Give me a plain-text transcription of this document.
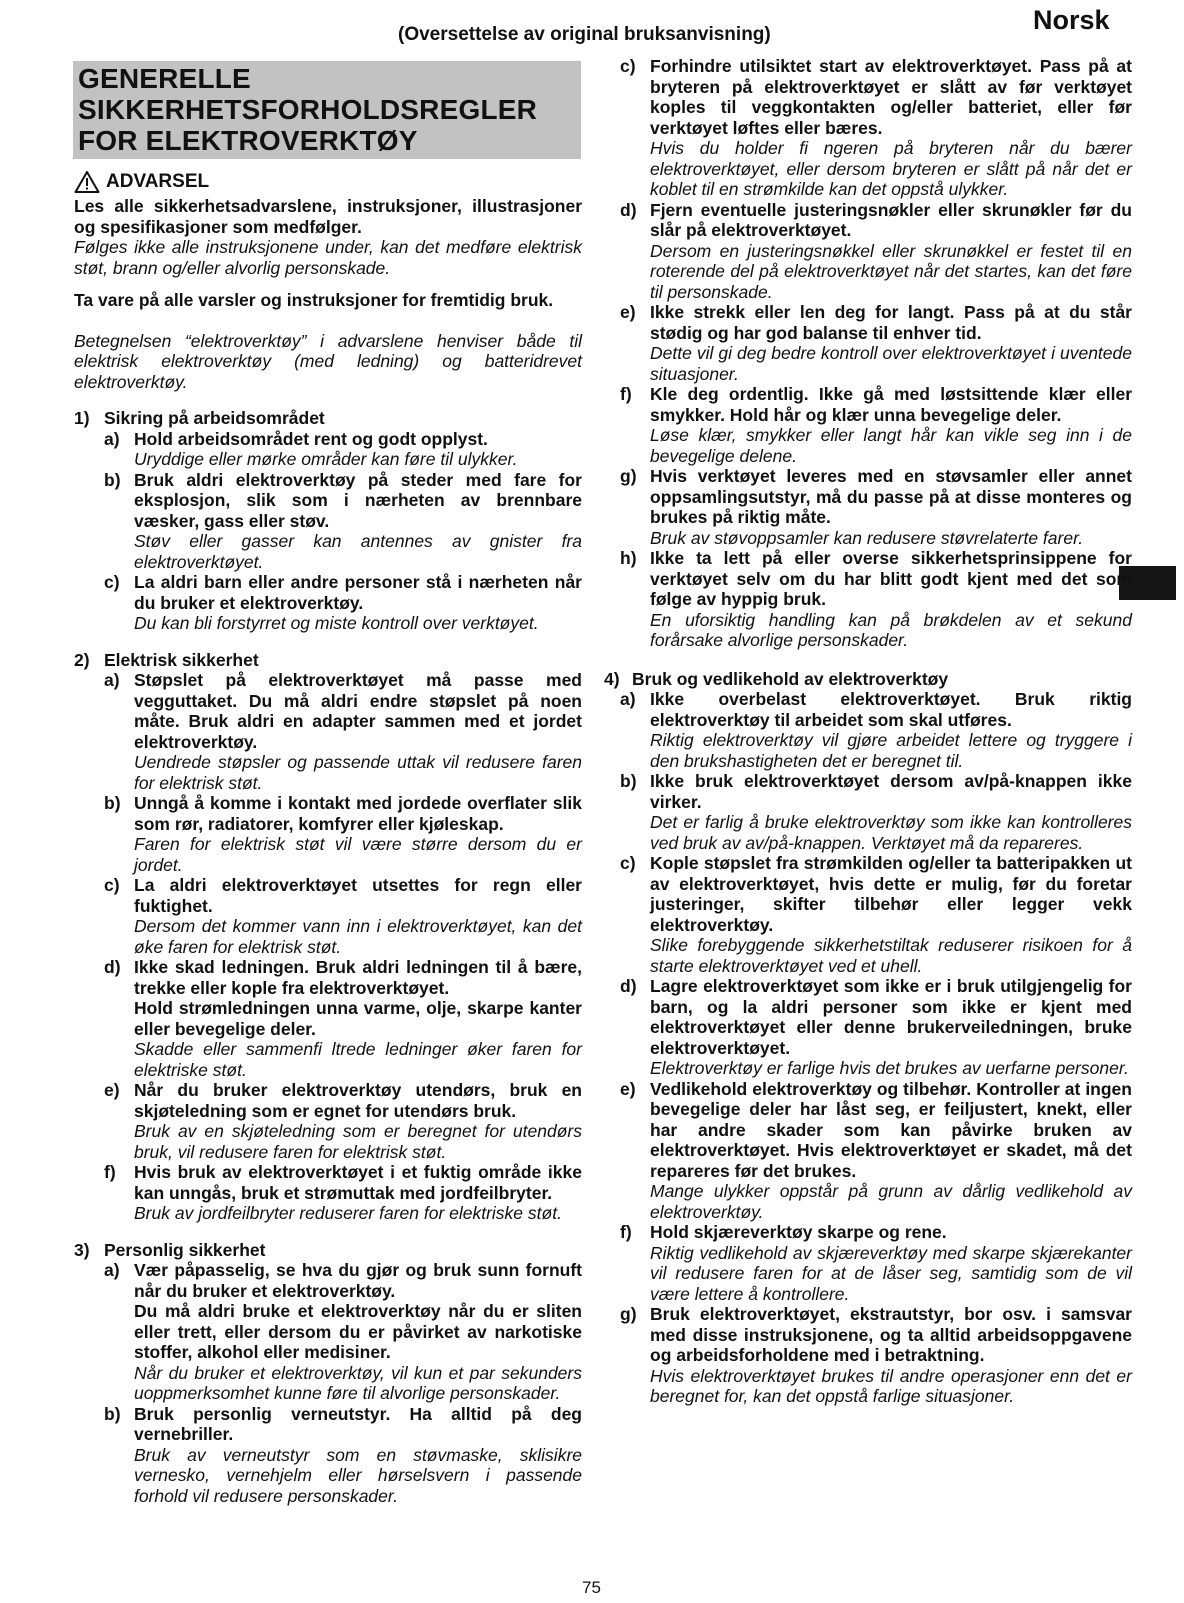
(Oversettelse av original bruksanvisning)	Norsk
GENERELLE
SIKKERHETSFORHOLDSREGLER
FOR ELEKTROVERKTØY
ADVARSEL
Les alle sikkerhetsadvarslene, instruksjoner, illustrasjoner og spesifikasjoner som medfølger.
Følges ikke alle instruksjonene under, kan det medføre elektrisk støt, brann og/eller alvorlig personskade.
Ta vare på alle varsler og instruksjoner for fremtidig bruk.
Betegnelsen “elektroverktøy” i advarslene henviser både til elektrisk elektroverktøy (med ledning) og batteridrevet elektroverktøy.
1) Sikring på arbeidsområdet
a) Hold arbeidsområdet rent og godt opplyst.
Uryddige eller mørke områder kan føre til ulykker.
b) Bruk aldri elektroverktøy på steder med fare for eksplosjon, slik som i nærheten av brennbare væsker, gass eller støv.
Støv eller gasser kan antennes av gnister fra elektroverktøyet.
c) La aldri barn eller andre personer stå i nærheten når du bruker et elektroverktøy.
Du kan bli forstyrret og miste kontroll over verktøyet.
2) Elektrisk sikkerhet
a) Støpslet på elektroverktøyet må passe med vegguttaket. Du må aldri endre støpslet på noen måte. Bruk aldri en adapter sammen med et jordet elektroverktøy.
Uendrede støpsler og passende uttak vil redusere faren for elektrisk støt.
b) Unngå å komme i kontakt med jordede overflater slik som rør, radiatorer, komfyrer eller kjøleskap.
Faren for elektrisk støt vil være større dersom du er jordet.
c) La aldri elektroverktøyet utsettes for regn eller fuktighet.
Dersom det kommer vann inn i elektroverktøyet, kan det øke faren for elektrisk støt.
d) Ikke skad ledningen. Bruk aldri ledningen til å bære, trekke eller kople fra elektroverktøyet.
Hold strømledningen unna varme, olje, skarpe kanter eller bevegelige deler.
Skadde eller sammenfi ltrede ledninger øker faren for elektriske støt.
e) Når du bruker elektroverktøy utendørs, bruk en skjøteledning som er egnet for utendørs bruk.
Bruk av en skjøteledning som er beregnet for utendørs bruk, vil redusere faren for elektrisk støt.
f)	Hvis bruk av elektroverktøyet i et fuktig område ikke kan unngås, bruk et strømuttak med jordfeilbryter.
Bruk av jordfeilbryter reduserer faren for elektriske støt.
3) Personlig sikkerhet
a) Vær påpasselig, se hva du gjør og bruk sunn fornuft når du bruker et elektroverktøy.
Du må aldri bruke et elektroverktøy når du er sliten eller trett, eller dersom du er påvirket av narkotiske stoffer, alkohol eller medisiner.
Når du bruker et elektroverktøy, vil kun et par sekunders uoppmerksomhet kunne føre til alvorlige personskader.
b) Bruk personlig verneutstyr. Ha alltid på deg vernebriller.
Bruk av verneutstyr som en støvmaske, sklisikre vernesko, vernehjelm eller hørselsvern i passende forhold vil redusere personskader.
c) Forhindre utilsiktet start av elektroverktøyet. Pass på at bryteren på elektroverktøyet er slått av før verktøyet koples til veggkontakten og/eller batteriet, eller før verktøyet løftes eller bæres.
Hvis du holder fi ngeren på bryteren når du bærer elektroverktøyet, eller dersom bryteren er slått på når det er koblet til en strømkilde kan det oppstå ulykker.
d) Fjern eventuelle justeringsnøkler eller skrunøkler før du slår på elektroverktøyet.
Dersom en justeringsnøkkel eller skrunøkkel er festet til en roterende del på elektroverktøyet når det startes, kan det føre til personskade.
e) Ikke strekk eller len deg for langt. Pass på at du står stødig og har god balanse til enhver tid.
Dette vil gi deg bedre kontroll over elektroverktøyet i uventede situasjoner.
f)	Kle deg ordentlig. Ikke gå med løstsittende klær eller smykker. Hold hår og klær unna bevegelige deler.
Løse klær, smykker eller langt hår kan vikle seg inn i de bevegelige delene.
g) Hvis verktøyet leveres med en støvsamler eller annet oppsamlingsutstyr, må du passe på at disse monteres og brukes på riktig måte.
Bruk av støvoppsamler kan redusere støvrelaterte farer.
h) Ikke ta lett på eller overse sikkerhetsprinsippene for verktøyet selv om du har blitt godt kjent med det som følge av hyppig bruk.
En uforsiktig handling kan på brøkdelen av et sekund forårsake alvorlige personskader.
4) Bruk og vedlikehold av elektroverktøy
a) Ikke overbelast elektroverktøyet. Bruk riktig elektroverktøy til arbeidet som skal utføres.
Riktig elektroverktøy vil gjøre arbeidet lettere og tryggere i den brukshastigheten det er beregnet til.
b) Ikke bruk elektroverktøyet dersom av/på-knappen ikke virker.
Det er farlig å bruke elektroverktøy som ikke kan kontrolleres ved bruk av av/på-knappen. Verktøyet må da repareres.
c) Kople støpslet fra strømkilden og/eller ta batteripakken ut av elektroverktøyet, hvis dette er mulig, før du foretar justeringer, skifter tilbehør eller legger vekk elektroverktøy.
Slike forebyggende sikkerhetstiltak reduserer risikoen for å starte elektroverktøyet ved et uhell.
d) Lagre elektroverktøyet som ikke er i bruk utilgjengelig for barn, og la aldri personer som ikke er kjent med elektroverktøyet eller denne brukerveiledningen, bruke elektroverktøyet.
Elektroverktøy er farlige hvis det brukes av uerfarne personer.
e) Vedlikehold elektroverktøy og tilbehør. Kontroller at ingen bevegelige deler har låst seg, er feiljustert, knekt, eller har andre skader som kan påvirke bruken av elektroverktøyet. Hvis elektroverktøyet er skadet, må det repareres før det brukes.
Mange ulykker oppstår på grunn av dårlig vedlikehold av elektroverktøy.
f)	Hold skjæreverktøy skarpe og rene.
Riktig vedlikehold av skjæreverktøy med skarpe skjærekanter vil redusere faren for at de låser seg, samtidig som de vil være lettere å kontrollere.
g) Bruk elektroverktøyet, ekstrautstyr, bor osv. i samsvar med disse instruksjonene, og ta alltid arbeidsoppgavene og arbeidsforholdene med i betraktning.
Hvis elektroverktøyet brukes til andre operasjoner enn det er beregnet for, kan det oppstå farlige situasjoner.
75
